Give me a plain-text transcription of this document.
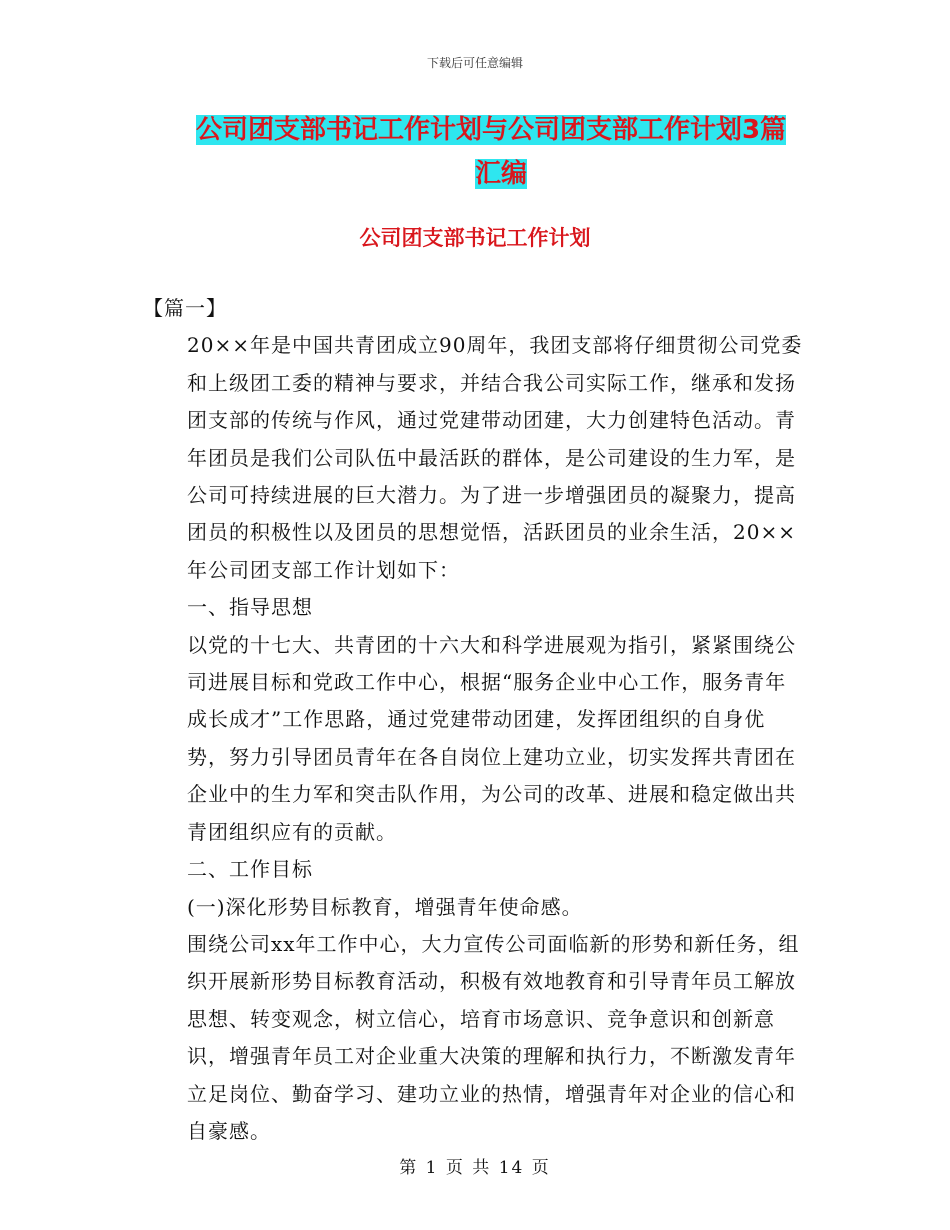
下载后可任意编辑
公司团支部书记工作计划与公司团支部工作计划3篇
汇编
公司团支部书记工作计划

【篇一】

20××年是中国共青团成立90周年，我团支部将仔细贯彻公司党委和上级团工委的精神与要求，并结合我公司实际工作，继承和发扬团支部的传统与作风，通过党建带动团建，大力创建特色活动。青年团员是我们公司队伍中最活跃的群体，是公司建设的生力军，是公司可持续进展的巨大潜力。为了进一步增强团员的凝聚力，提高团员的积极性以及团员的思想觉悟，活跃团员的业余生活，20××年公司团支部工作计划如下：

一、指导思想

以党的十七大、共青团的十六大和科学进展观为指引，紧紧围绕公司进展目标和党政工作中心，根据“服务企业中心工作，服务青年成长成才”工作思路，通过党建带动团建，发挥团组织的自身优势，努力引导团员青年在各自岗位上建功立业，切实发挥共青团在企业中的生力军和突击队作用，为公司的改革、进展和稳定做出共青团组织应有的贡献。

二、工作目标

(一)深化形势目标教育，增强青年使命感。

围绕公司xx年工作中心，大力宣传公司面临新的形势和新任务，组织开展新形势目标教育活动，积极有效地教育和引导青年员工解放思想、转变观念，树立信心，培育市场意识、竞争意识和创新意识，增强青年员工对企业重大决策的理解和执行力，不断激发青年立足岗位、勤奋学习、建功立业的热情，增强青年对企业的信心和自豪感。

第 1 页 共 14 页
